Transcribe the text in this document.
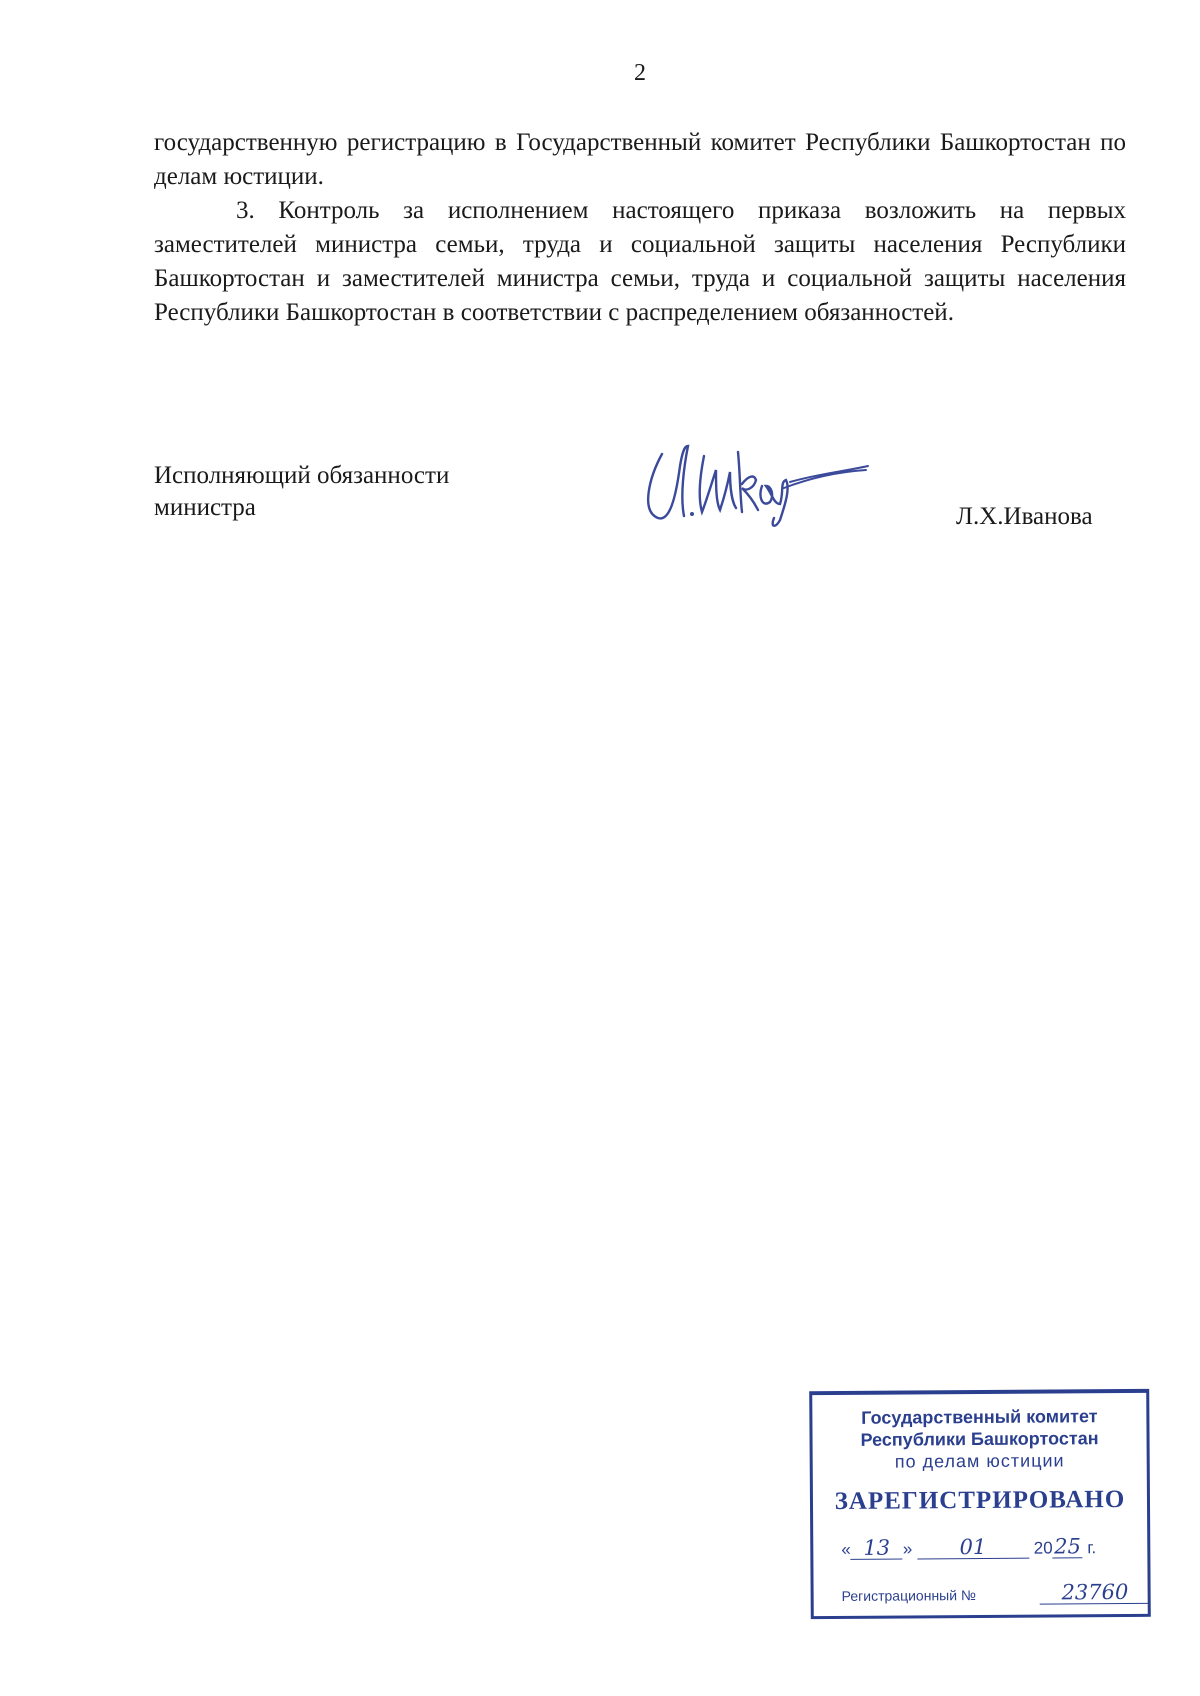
2

государственную регистрацию в Государственный комитет Республики Башкортостан по делам юстиции.

3. Контроль за исполнением настоящего приказа возложить на первых заместителей министра семьи, труда и социальной защиты населения Республики Башкортостан и заместителей министра семьи, труда и социальной защиты населения Республики Башкортостан в соответствии с распределением обязанностей.

Исполняющий обязанности
министра	Л.Х.Иванова
Государственный комитет
Республики Башкортостан
по делам юстиции
ЗАРЕГИСТРИРОВАНО
« 13 » 01	2025 г.
Регистрационный №	23760
